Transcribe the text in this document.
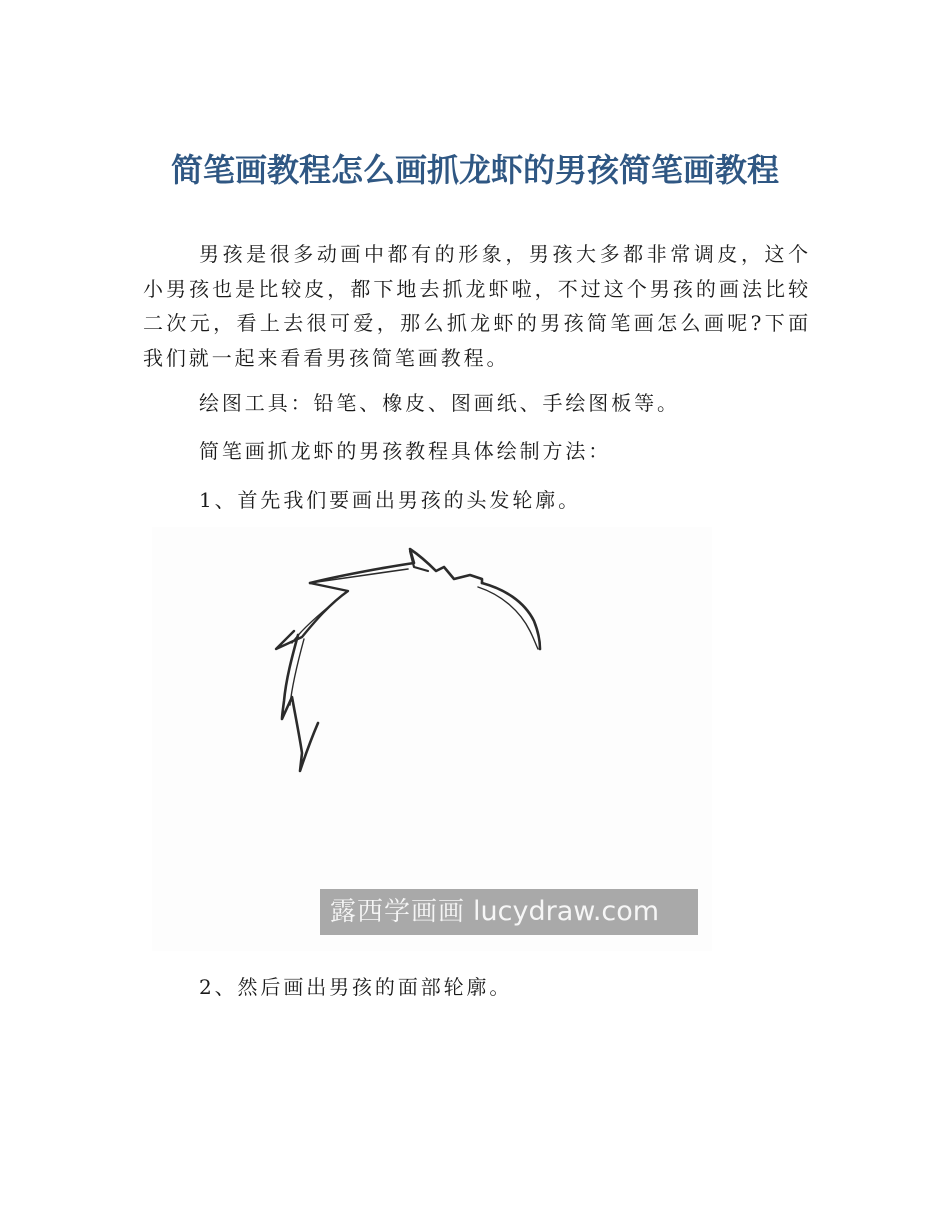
简笔画教程怎么画抓龙虾的男孩简笔画教程

男孩是很多动画中都有的形象，男孩大多都非常调皮，这个小男孩也是比较皮，都下地去抓龙虾啦，不过这个男孩的画法比较二次元，看上去很可爱，那么抓龙虾的男孩简笔画怎么画呢?下面我们就一起来看看男孩简笔画教程。

绘图工具：铅笔、橡皮、图画纸、手绘图板等。

简笔画抓龙虾的男孩教程具体绘制方法：

1、首先我们要画出男孩的头发轮廓。

露西学画画 lucydraw.com

2、然后画出男孩的面部轮廓。
